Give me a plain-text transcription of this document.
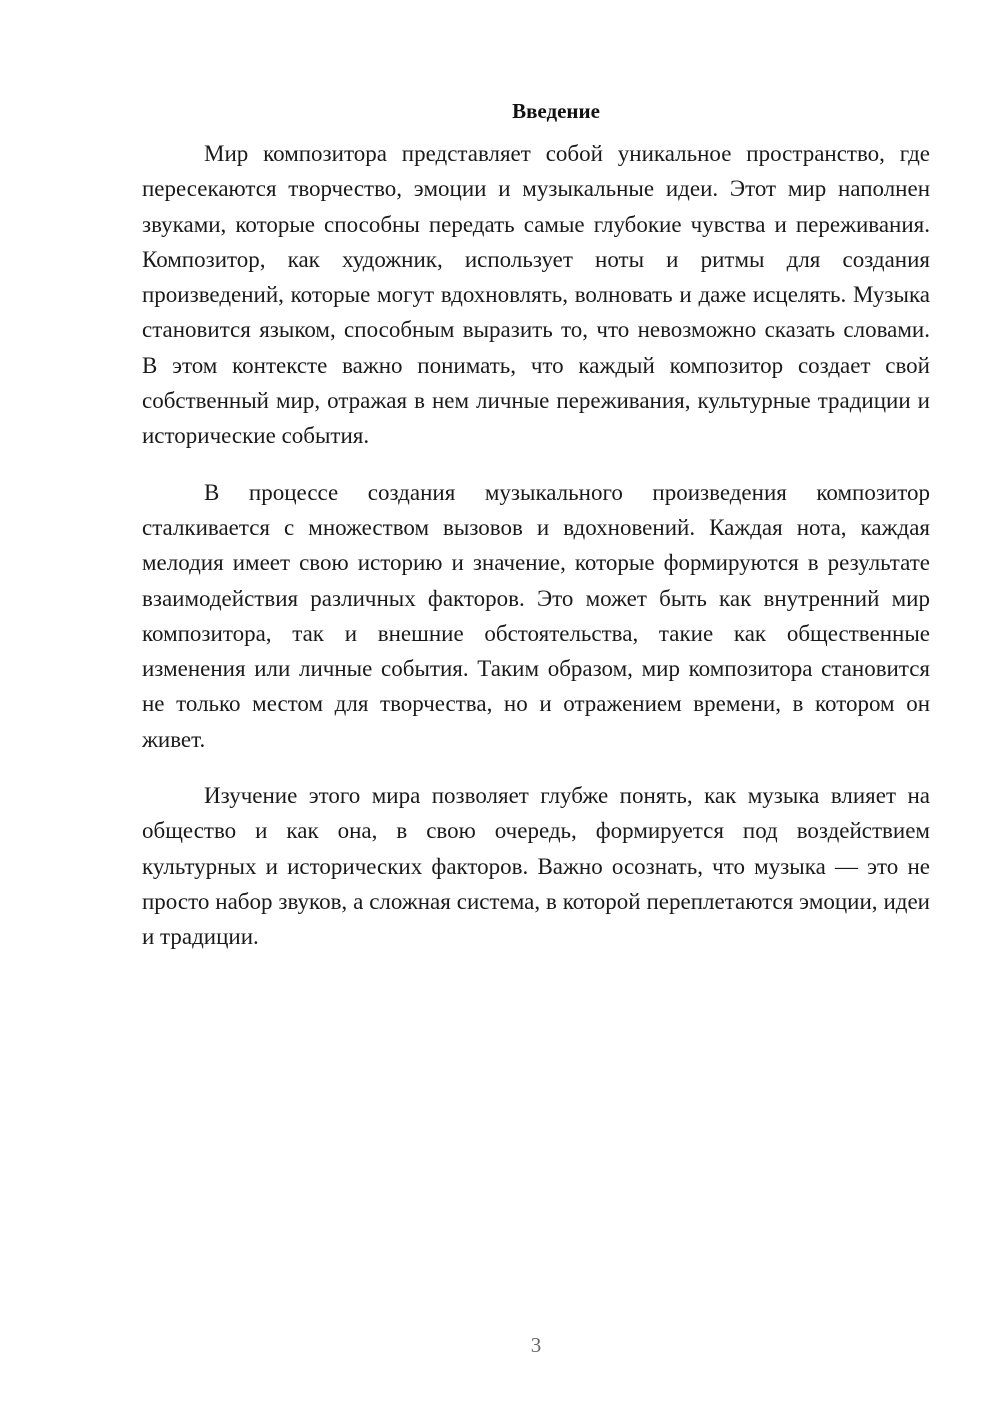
Введение

Мир композитора представляет собой уникальное пространство, где пересекаются творчество, эмоции и музыкальные идеи. Этот мир наполнен звуками, которые способны передать самые глубокие чувства и переживания. Композитор, как художник, использует ноты и ритмы для создания произведений, которые могут вдохновлять, волновать и даже исцелять. Музыка становится языком, способным выразить то, что невозможно сказать словами. В этом контексте важно понимать, что каждый композитор создает свой собственный мир, отражая в нем личные переживания, культурные традиции и исторические события.

В процессе создания музыкального произведения композитор сталкивается с множеством вызовов и вдохновений. Каждая нота, каждая мелодия имеет свою историю и значение, которые формируются в результате взаимодействия различных факторов. Это может быть как внутренний мир композитора, так и внешние обстоятельства, такие как общественные изменения или личные события. Таким образом, мир композитора становится не только местом для творчества, но и отражением времени, в котором он живет.

Изучение этого мира позволяет глубже понять, как музыка влияет на общество и как она, в свою очередь, формируется под воздействием культурных и исторических факторов. Важно осознать, что музыка — это не просто набор звуков, а сложная система, в которой переплетаются эмоции, идеи и традиции.

3
